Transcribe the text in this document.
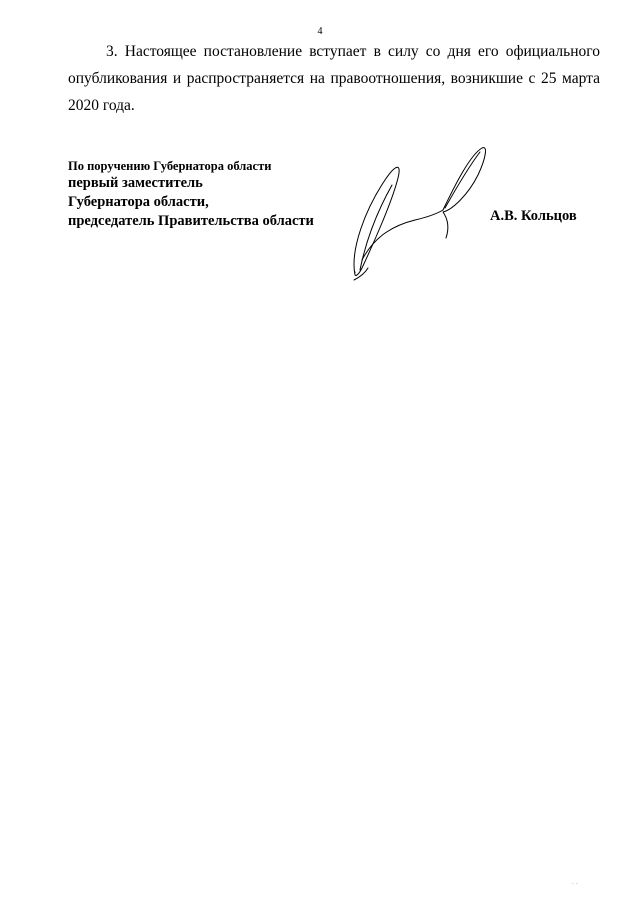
4

3. Настоящее постановление вступает в силу со дня его официального опубликования и распространяется на правоотношения, возникшие с 25 марта 2020 года.

По поручению Губернатора области
первый заместитель
Губернатора области,
председатель Правительства области	А.В. Кольцов
· ·
